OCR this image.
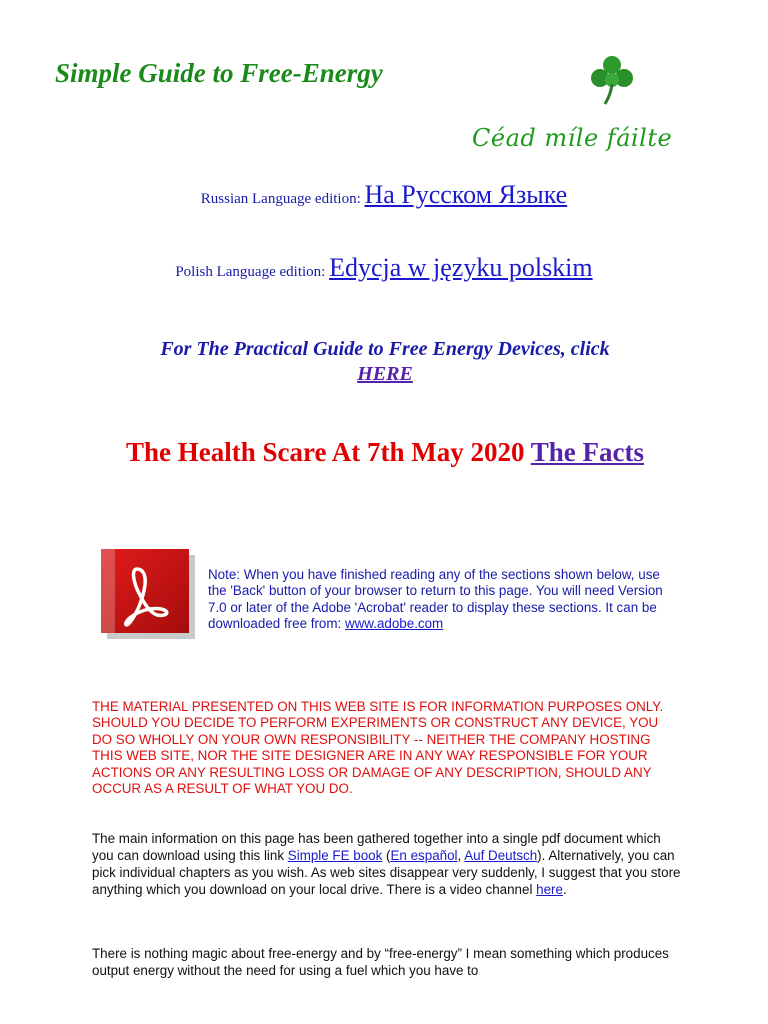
Simple Guide to Free-Energy
Céad míle fáilte
Russian Language edition: На Русском Языке
Polish Language edition: Edycja w języku polskim
For The Practical Guide to Free Energy Devices, click
HERE
The Health Scare At 7th May 2020 The Facts
Note: When you have finished reading any of the sections shown below, use the 'Back' button of your browser to return to this page. You will need Version 7.0 or later of the Adobe 'Acrobat' reader to display these sections. It can be downloaded free from: www.adobe.com
THE MATERIAL PRESENTED ON THIS WEB SITE IS FOR INFORMATION PURPOSES ONLY. SHOULD YOU DECIDE TO PERFORM EXPERIMENTS OR CONSTRUCT ANY DEVICE, YOU DO SO WHOLLY ON YOUR OWN RESPONSIBILITY -- NEITHER THE COMPANY HOSTING THIS WEB SITE, NOR THE SITE DESIGNER ARE IN ANY WAY RESPONSIBLE FOR YOUR ACTIONS OR ANY RESULTING LOSS OR DAMAGE OF ANY DESCRIPTION, SHOULD ANY OCCUR AS A RESULT OF WHAT YOU DO.
The main information on this page has been gathered together into a single pdf document which you can download using this link Simple FE book (En español, Auf Deutsch). Alternatively, you can pick individual chapters as you wish. As web sites disappear very suddenly, I suggest that you store anything which you download on your local drive. There is a video channel here.
There is nothing magic about free-energy and by “free-energy” I mean something which produces output energy without the need for using a fuel which you have to
